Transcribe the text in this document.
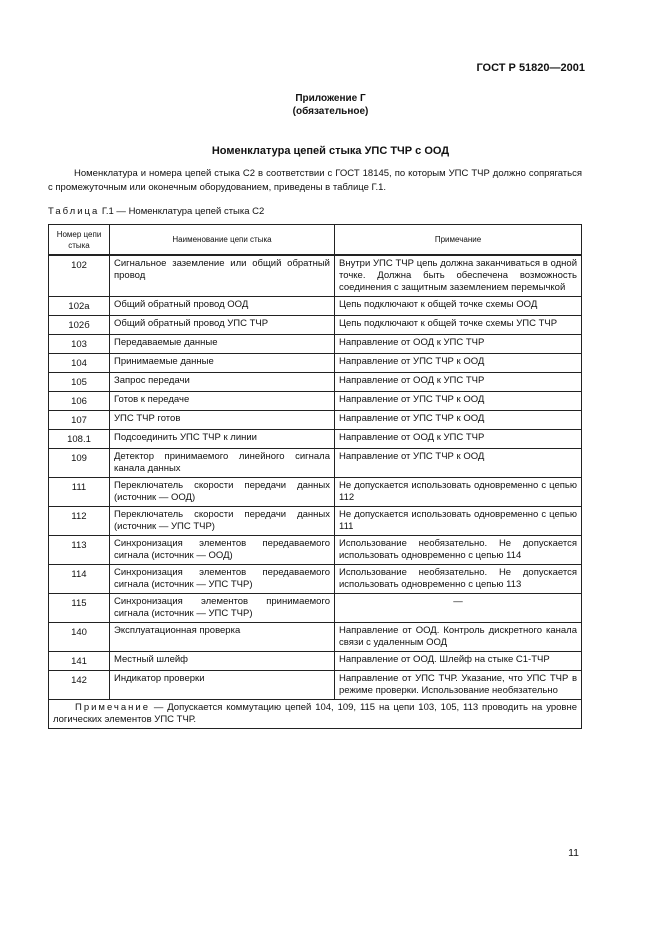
ГОСТ Р 51820—2001
Приложение Г
(обязательное)
Номенклатура цепей стыка УПС ТЧР с ООД

Номенклатура и номера цепей стыка С2 в соответствии с ГОСТ 18145, по которым УПС ТЧР должно сопрягаться с промежуточным или оконечным оборудованием, приведены в таблице Г.1.

Таблица Г.1 — Номенклатура цепей стыка С2
Номер цепи стыка	Наименование цепи стыка	Примечание
102	Сигнальное заземление или общий обратный провод	Внутри УПС ТЧР цепь должна заканчиваться в одной точке. Должна быть обеспечена возможность соединения с защитным заземлением перемычкой
102а	Общий обратный провод ООД	Цепь подключают к общей точке схемы ООД
102б	Общий обратный провод УПС ТЧР	Цепь подключают к общей точке схемы УПС ТЧР
103	Передаваемые данные	Направление от ООД к УПС ТЧР
104	Принимаемые данные	Направление от УПС ТЧР к ООД
105	Запрос передачи	Направление от ООД к УПС ТЧР
106	Готов к передаче	Направление от УПС ТЧР к ООД
107	УПС ТЧР готов	Направление от УПС ТЧР к ООД
108.1	Подсоединить УПС ТЧР к линии	Направление от ООД к УПС ТЧР
109	Детектор принимаемого линейного сигнала канала данных	Направление от УПС ТЧР к ООД
111	Переключатель скорости передачи данных (источник — ООД)	Не допускается использовать одновременно с цепью 112
112	Переключатель скорости передачи данных (источник — УПС ТЧР)	Не допускается использовать одновременно с цепью 111
113	Синхронизация элементов передаваемого сигнала (источник — ООД)	Использование необязательно. Не допускается использовать одновременно с цепью 114
114	Синхронизация элементов передаваемого сигнала (источник — УПС ТЧР)	Использование необязательно. Не допускается использовать одновременно с цепью 113
115	Синхронизация элементов принимаемого сигнала (источник — УПС ТЧР)	—
140	Эксплуатационная проверка	Направление от ООД. Контроль дискретного канала связи с удаленным ООД
141	Местный шлейф	Направление от ООД. Шлейф на стыке С1-ТЧР
142	Индикатор проверки	Направление от УПС ТЧР. Указание, что УПС ТЧР в режиме проверки. Использование необязательно
Примечание — Допускается коммутацию цепей 104, 109, 115 на цепи 103, 105, 113 проводить на уровне логических элементов УПС ТЧР.		
11
